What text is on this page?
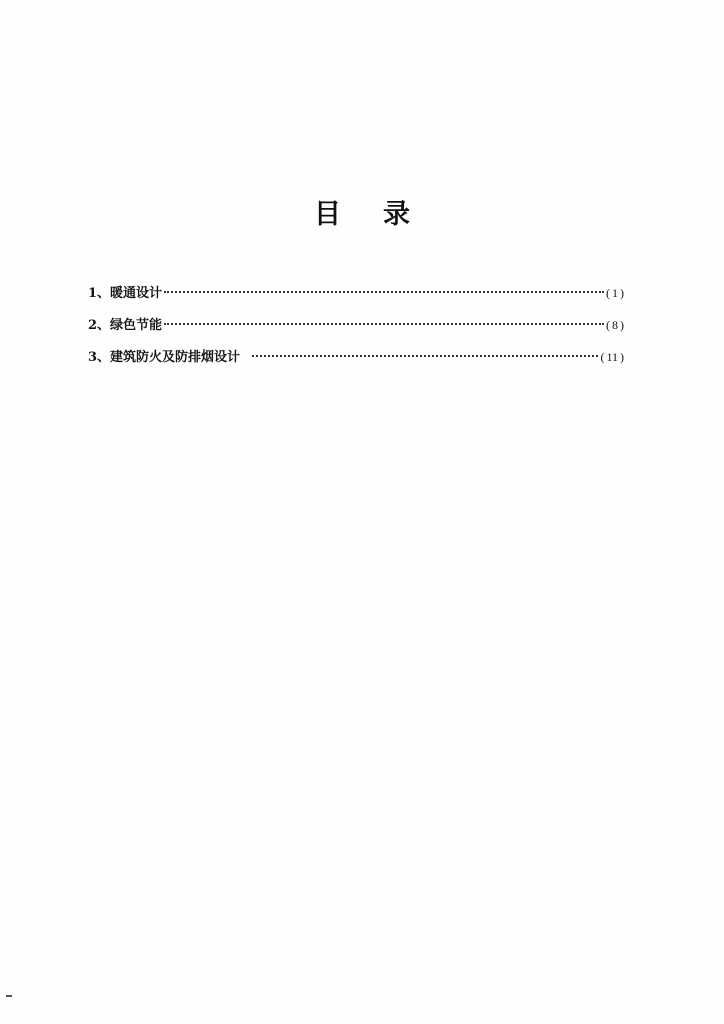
目 录
1、 暖通设计	( 1 )
2、 绿色节能	( 8 )
3、 建筑防火及防排烟设计	( 11 )
